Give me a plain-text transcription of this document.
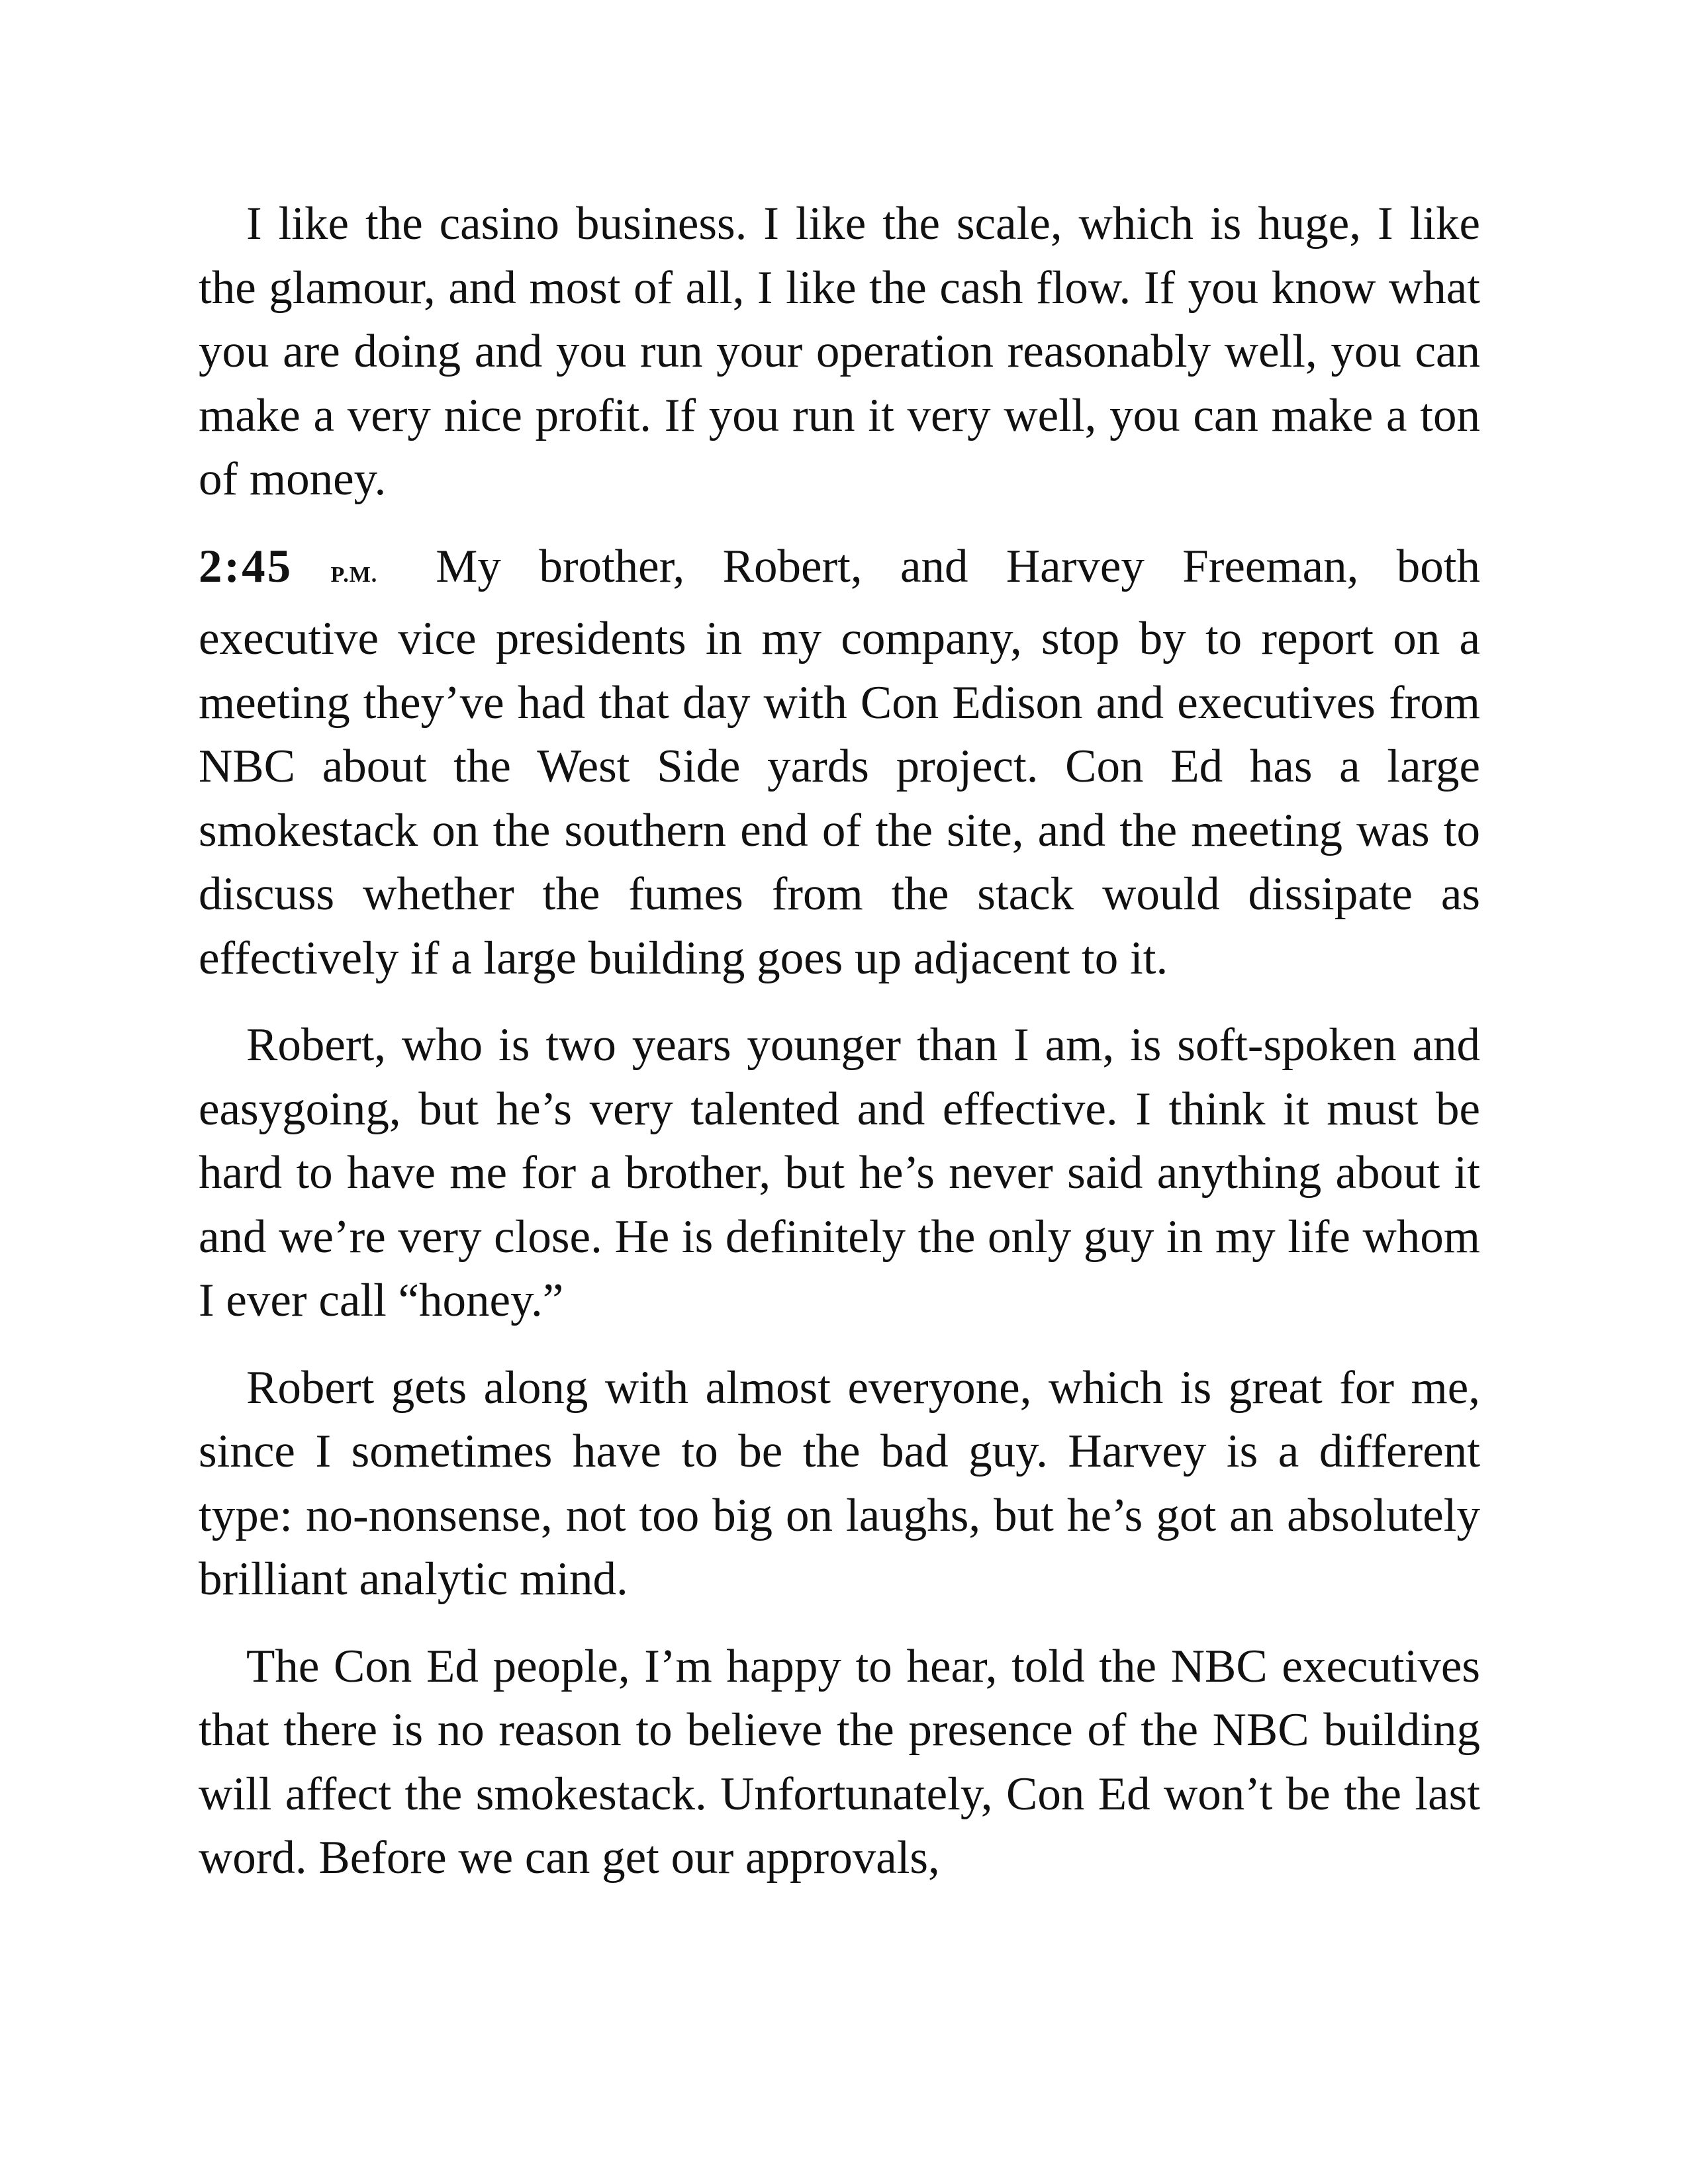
I like the casino business. I like the scale, which is huge, I like the glamour, and most of all, I like the cash flow. If you know what you are doing and you run your operation reasonably well, you can make a very nice profit. If you run it very well, you can make a ton of money.

2:45 P.M. My brother, Robert, and Harvey Freeman, both executive vice presidents in my company, stop by to report on a meeting they’ve had that day with Con Edison and executives from NBC about the West Side yards project. Con Ed has a large smokestack on the southern end of the site, and the meeting was to discuss whether the fumes from the stack would dissipate as effectively if a large building goes up adjacent to it.

Robert, who is two years younger than I am, is soft-spoken and easygoing, but he’s very talented and effective. I think it must be hard to have me for a brother, but he’s never said anything about it and we’re very close. He is definitely the only guy in my life whom I ever call “honey.”

Robert gets along with almost everyone, which is great for me, since I sometimes have to be the bad guy. Harvey is a different type: no-nonsense, not too big on laughs, but he’s got an absolutely brilliant analytic mind.

The Con Ed people, I’m happy to hear, told the NBC executives that there is no reason to believe the presence of the NBC building will affect the smokestack. Unfortunately, Con Ed won’t be the last word. Before we can get our approvals,
